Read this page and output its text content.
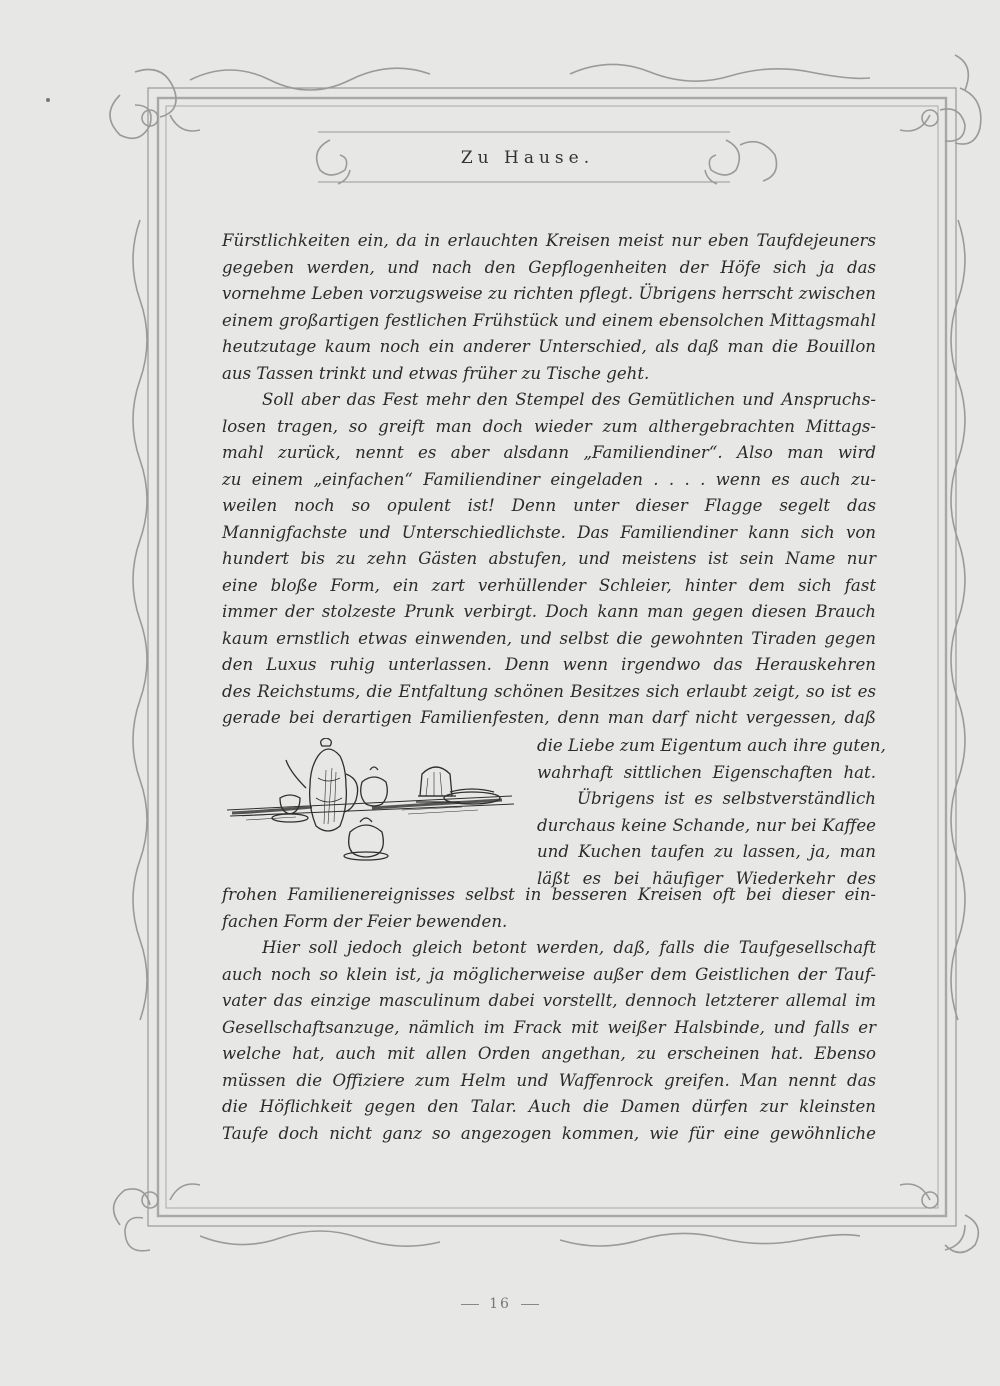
Zu Hause.
Fürstlichkeiten ein, da in erlauchten Kreisen meist nur eben Taufdejeuners
gegeben werden, und nach den Gepflogenheiten der Höfe sich ja das
vornehme Leben vorzugsweise zu richten pflegt. Übrigens herrscht zwischen
einem großartigen festlichen Frühstück und einem ebensolchen Mittagsmahl
heutzutage kaum noch ein anderer Unterschied, als daß man die Bouillon
aus Tassen trinkt und etwas früher zu Tische geht.
Soll aber das Fest mehr den Stempel des Gemütlichen und Anspruchs-
losen tragen, so greift man doch wieder zum althergebrachten Mittags-
mahl zurück, nennt es aber alsdann „Familiendiner“. Also man wird
zu einem „einfachen“ Familiendiner eingeladen . . . . wenn es auch zu-
weilen noch so opulent ist! Denn unter dieser Flagge segelt das
Mannigfachste und Unterschiedlichste. Das Familiendiner kann sich von
hundert bis zu zehn Gästen abstufen, und meistens ist sein Name nur
eine bloße Form, ein zart verhüllender Schleier, hinter dem sich fast
immer der stolzeste Prunk verbirgt. Doch kann man gegen diesen Brauch
kaum ernstlich etwas einwenden, und selbst die gewohnten Tiraden gegen
den Luxus ruhig unterlassen. Denn wenn irgendwo das Herauskehren
des Reichstums, die Entfaltung schönen Besitzes sich erlaubt zeigt, so ist es
gerade bei derartigen Familienfesten, denn man darf nicht vergessen, daß
die Liebe zum Eigentum auch ihre guten,
wahrhaft sittlichen Eigenschaften hat.
Übrigens ist es selbstverständlich
durchaus keine Schande, nur bei Kaffee
und Kuchen taufen zu lassen, ja, man
läßt es bei häufiger Wiederkehr des
frohen Familienereignisses selbst in besseren Kreisen oft bei dieser ein-
fachen Form der Feier bewenden.
Hier soll jedoch gleich betont werden, daß, falls die Taufgesellschaft
auch noch so klein ist, ja möglicherweise außer dem Geistlichen der Tauf-
vater das einzige masculinum dabei vorstellt, dennoch letzterer allemal im
Gesellschaftsanzuge, nämlich im Frack mit weißer Halsbinde, und falls er
welche hat, auch mit allen Orden angethan, zu erscheinen hat. Ebenso
müssen die Offiziere zum Helm und Waffenrock greifen. Man nennt das
die Höflichkeit gegen den Talar. Auch die Damen dürfen zur kleinsten
Taufe doch nicht ganz so angezogen kommen, wie für eine gewöhnliche
16
